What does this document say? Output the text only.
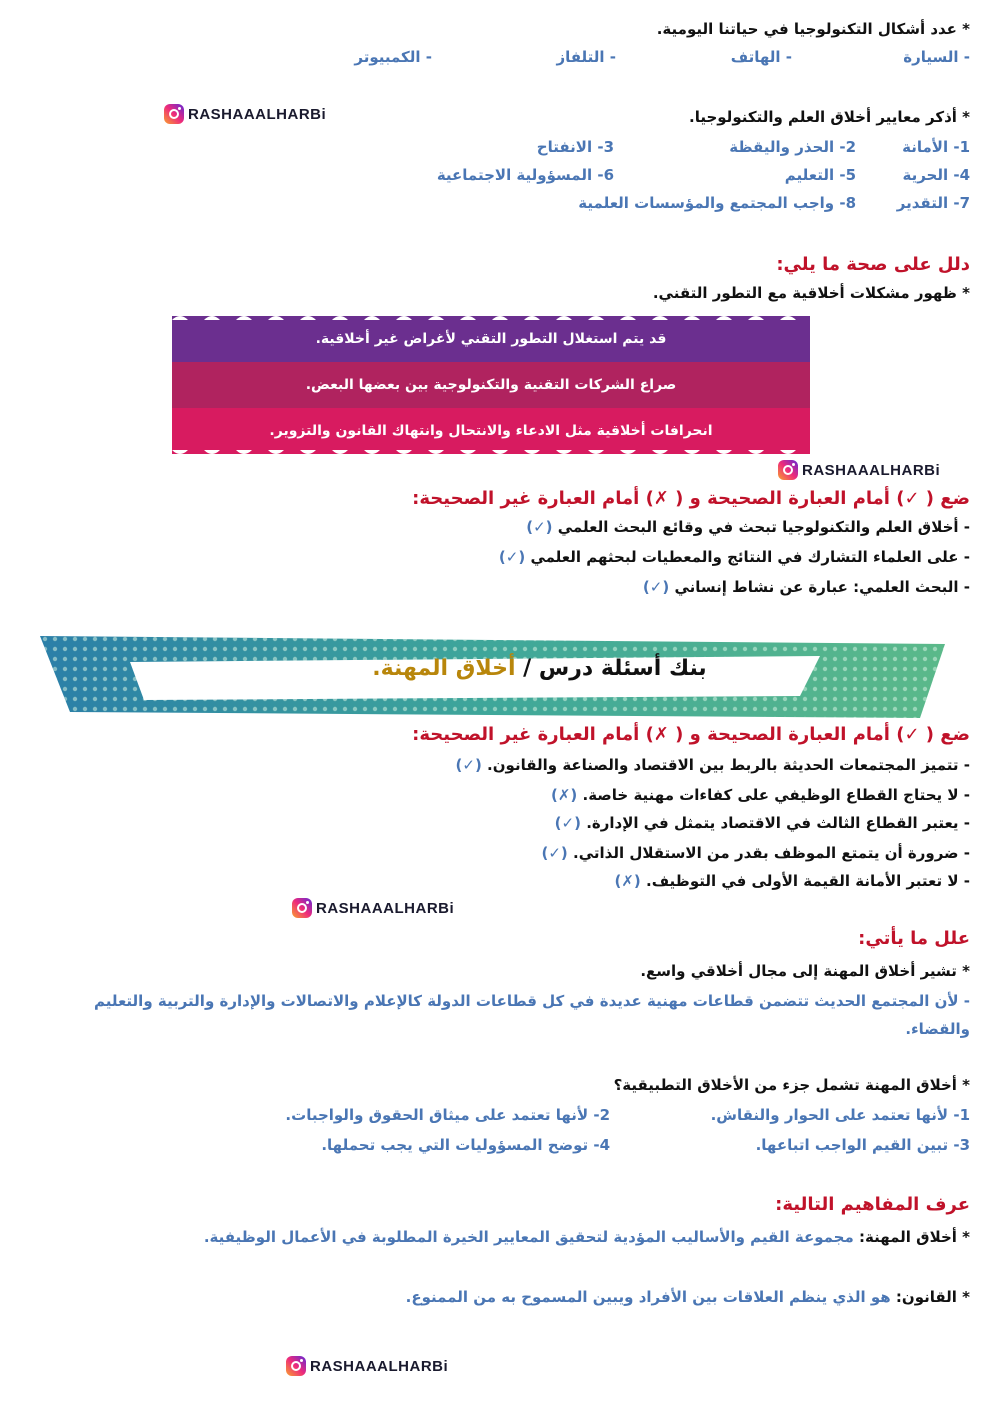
* عدد أشكال التكنولوجيا في حياتنا اليومية.
- السيارة
- الهاتف
- التلفاز
- الكمبيوتر
RASHAAALHARBi	* أذكر معايير أخلاق العلم والتكنولوجيا.
1- الأمانة
2- الحذر واليقظة
3- الانفتاح
4- الحرية
5- التعليم
6- المسؤولية الاجتماعية
7- التقدير
8- واجب المجتمع والمؤسسات العلمية
دلل على صحة ما يلي:
* ظهور مشكلات أخلاقية مع التطور التقني.
قد يتم استغلال التطور التقني لأغراض غير أخلاقية.
صراع الشركات التقنية والتكنولوجية بين بعضها البعض.
انحرافات أخلاقية مثل الادعاء والانتحال وانتهاك القانون والتزوير.
RASHAAALHARBi
ضع ( ✓) أمام العبارة الصحيحة و ( ✗) أمام العبارة غير الصحيحة:
- أخلاق العلم والتكنولوجيا تبحث في وقائع البحث العلمي (✓)
- على العلماء التشارك في النتائج والمعطيات لبحثهم العلمي (✓)
- البحث العلمي: عبارة عن نشاط إنساني (✓)
بنك أسئلة درس / أخلاق المهنة.
ضع ( ✓) أمام العبارة الصحيحة و ( ✗) أمام العبارة غير الصحيحة:
- تتميز المجتمعات الحديثة بالربط بين الاقتصاد والصناعة والقانون. (✓)
- لا يحتاج القطاع الوظيفي على كفاءات مهنية خاصة. (✗)
- يعتبر القطاع الثالث في الاقتصاد يتمثل في الإدارة. (✓)
- ضرورة أن يتمتع الموظف بقدر من الاستقلال الذاتي. (✓)
- لا تعتبر الأمانة القيمة الأولى في التوظيف. (✗)
RASHAAALHARBi
علل ما يأتي:
* تشير أخلاق المهنة إلى مجال أخلاقي واسع.
- لأن المجتمع الحديث تتضمن قطاعات مهنية عديدة في كل قطاعات الدولة كالإعلام والاتصالات والإدارة والتربية والتعليم
والقضاء.
* أخلاق المهنة تشمل جزء من الأخلاق التطبيقية؟
1- لأنها تعتمد على الحوار والنقاش.
2- لأنها تعتمد على ميثاق الحقوق والواجبات.
3- تبين القيم الواجب اتباعها.
4- توضح المسؤوليات التي يجب تحملها.
عرف المفاهيم التالية:
* أخلاق المهنة: مجموعة القيم والأساليب المؤدية لتحقيق المعايير الخيرة المطلوبة في الأعمال الوظيفية.
* القانون: هو الذي ينظم العلاقات بين الأفراد ويبين المسموح به من الممنوع.
RASHAAALHARBi
